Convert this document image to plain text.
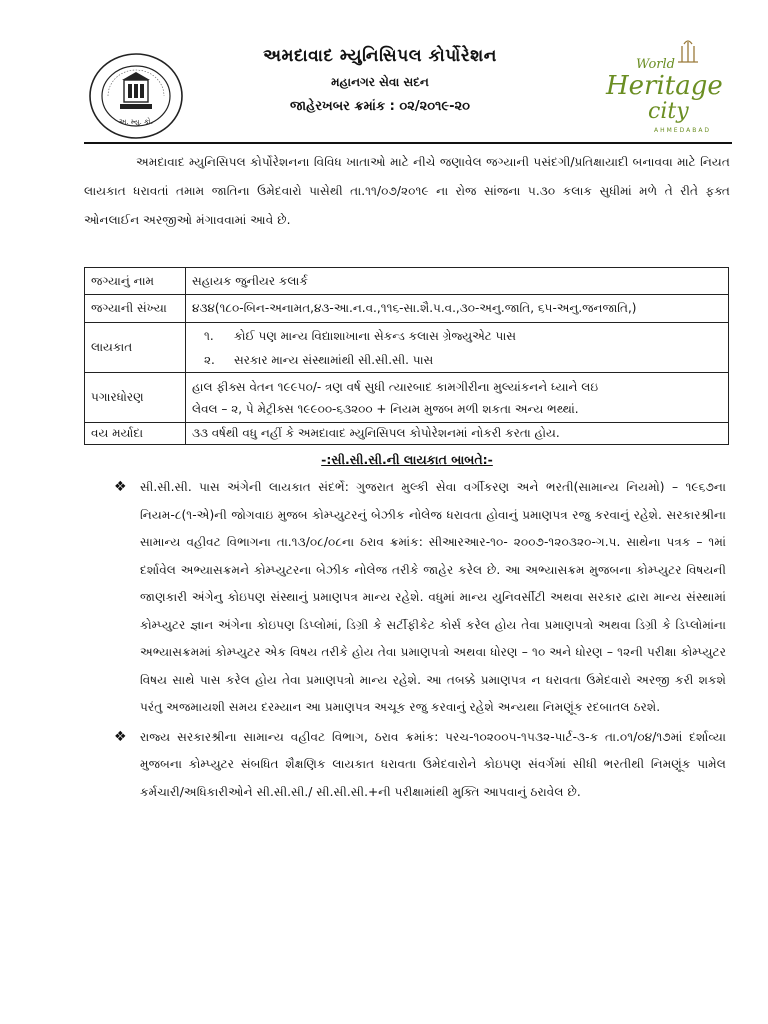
અ. મ્યુ. કો.
અમદાવાદ મ્યુનિસિપલ કોર્પોરેશન
મહાનગર સેવા સદન
જાહેરખબર ક્રમાંક : ૦૨/૨૦૧૯-૨૦
World
Heritage
city
AHMEDABAD
અમદાવાદ મ્યુનિસિપલ કોર્પોરેશનના વિવિધ ખાતાઓ માટે નીચે જણાવેલ જગ્યાની પસંદગી/પ્રતિક્ષાયાદી બનાવવા માટે નિયત લાયકાત ધરાવતાં તમામ જાતિના ઉમેદવારો પાસેથી તા.૧૧/૦૭/૨૦૧૯ ના રોજ સાંજના ૫.૩૦ કલાક સુધીમાં મળે તે રીતે ફક્ત ઓનલાઈન અરજીઓ મંગાવવામાં આવે છે.
જગ્યાનું નામ	સહાયક જુનીયર કલાર્ક
જગ્યાની સંખ્યા	૪૩૪(૧૮૦-બિન-અનામત,૪૩-આ.ન.વ.,૧૧૬-સા.શૈ.પ.વ.,૩૦-અનુ.જાતિ, ૬૫-અનુ.જનજાતિ,)
લાયકાત	૧. કોઈ પણ માન્ય વિદ્યાશાખાના સેકન્ડ કલાસ ગ્રેજ્યુએટ પાસ
૨. સરકાર માન્ય સંસ્થામાંથી સી.સી.સી. પાસ

પગારધોરણ	હાલ ફીક્સ વેતન ૧૯૯૫૦/- ત્રણ વર્ષ સુધી ત્યારબાદ કામગીરીના મુલ્યાંકનને ધ્યાને લઇ
લેવલ – ૨, પે મેટ્રીક્સ ૧૯૯૦૦-૬૩૨૦૦ + નિયમ મુજબ મળી શકતા અન્ય ભથ્થાં.

વય મર્યાદા	૩૩ વર્ષથી વધુ નહીં કે અમદાવાદ મ્યુનિસિપલ કોપોરેશનમાં નોકરી કરતા હોય.
-:સી.સી.સી.ની લાયકાત બાબતે:-
❖ સી.સી.સી. પાસ અંગેની લાયકાત સંદર્ભે: ગુજરાત મુલ્કી સેવા વર્ગીકરણ અને ભરતી(સામાન્ય નિયમો) – ૧૯૬૭ના નિયમ-૮(૧-એ)ની જોગવાઇ મુજબ કોમ્પ્યુટરનું બેઝીક નોલેજ ધરાવતા હોવાનું પ્રમાણપત્ર રજુ કરવાનું રહેશે. સરકારશ્રીના સામાન્ય વહીવટ વિભાગના તા.૧૩/૦૮/૦૮ના ઠરાવ ક્રમાંક: સીઆરઆર-૧૦- ૨૦૦૭-૧૨૦૩૨૦-ગ.પ. સાથેના પત્રક – ૧માં દર્શાવેલ અભ્યાસક્રમને કોમ્પ્યુટરના બેઝીક નોલેજ તરીકે જાહેર કરેલ છે. આ અભ્યાસક્રમ મુજબના કોમ્પ્યુટર વિષયની જાણકારી અંગેનુ કોઇપણ સંસ્થાનું પ્રમાણપત્ર માન્ય રહેશે. વધુમાં માન્ય યુનિવર્સીટી અથવા સરકાર દ્વારા માન્ય સંસ્થામાં કોમ્પ્યુટર જ્ઞાન અંગેના કોઇપણ ડિપ્લોમાં, ડિગ્રી કે સર્ટીફીકેટ કોર્સ કરેલ હોય તેવા પ્રમાણપત્રો અથવા ડિગ્રી કે ડિપ્લોમાંના અભ્યાસક્રમમાં કોમ્પ્યુટર એક વિષય તરીકે હોય તેવા પ્રમાણપત્રો અથવા ધોરણ – ૧૦ અને ધોરણ – ૧૨ની પરીક્ષા કોમ્પ્યુટર વિષય સાથે પાસ કરેલ હોય તેવા પ્રમાણપત્રો માન્ય રહેશે. આ તબક્કે પ્રમાણપત્ર ન ધરાવતા ઉમેદવારો અરજી કરી શકશે પરંતુ અજમાયશી સમય દરમ્યાન આ પ્રમાણપત્ર અચૂક રજુ કરવાનું રહેશે અન્યથા નિમણૂંક રદબાતલ ઠરશે.
❖ રાજ્ય સરકારશ્રીના સામાન્ય વહીવટ વિભાગ, ઠરાવ ક્રમાંક: પરચ-૧૦૨૦૦૫-૧૫૩૨-પાર્ટ-૩-ક તા.૦૧/૦૪/૧૭માં દર્શાવ્યા મુજબના કોમ્પ્યુટર સંબધિત શૈક્ષણિક લાયકાત ધરાવતા ઉમેદવારોને કોઇપણ સંવર્ગમાં સીધી ભરતીથી નિમણૂંક પામેલ કર્મચારી/અધિકારીઓને સી.સી.સી./ સી.સી.સી.+ની પરીક્ષામાંથી મુક્તિ આપવાનું ઠરાવેલ છે.
